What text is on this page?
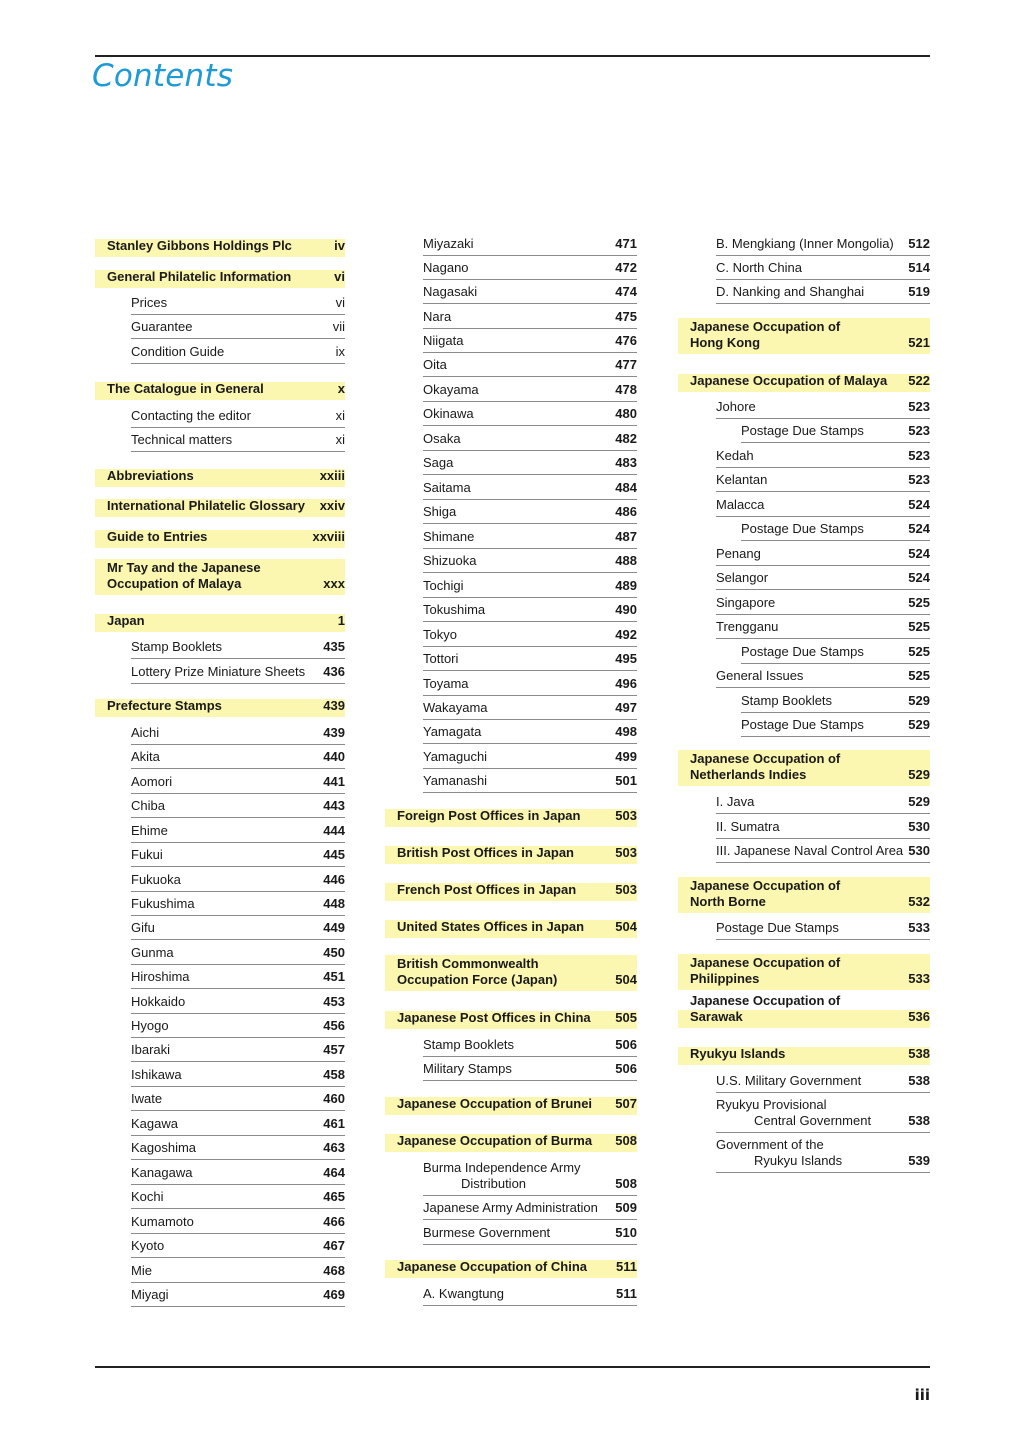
Contents
Stanley Gibbons Holdings Plc	iv
General Philatelic Information	vi
Prices	vi
Guarantee	vii
Condition Guide	ix
The Catalogue in General	x
Contacting the editor	xi
Technical matters	xi
Abbreviations	xxiii
International Philatelic Glossary xxiv
Guide to Entries	xxviii
Mr Tay and the Japanese
Occupation of Malaya	xxx
Japan	1
Stamp Booklets	435
Lottery Prize Miniature Sheets 436
Prefecture Stamps	439
Aichi	439
Akita	440
Aomori	441
Chiba	443
Ehime	444
Fukui	445
Fukuoka	446
Fukushima	448
Gifu	449
Gunma	450
Hiroshima	451
Hokkaido	453
Hyogo	456
Ibaraki	457
Ishikawa	458
Iwate	460
Kagawa	461
Kagoshima	463
Kanagawa	464
Kochi	465
Kumamoto	466
Kyoto	467
Mie	468
Miyagi	469
Miyazaki	471
Nagano	472
Nagasaki	474
Nara	475
Niigata	476
Oita	477
Okayama	478
Okinawa	480
Osaka	482
Saga	483
Saitama	484
Shiga	486
Shimane	487
Shizuoka	488
Tochigi	489
Tokushima	490
Tokyo	492
Tottori	495
Toyama	496
Wakayama	497
Yamagata	498
Yamaguchi	499
Yamanashi	501
Foreign Post Offices in Japan	503
British Post Offices in Japan	503
French Post Offices in Japan	503
United States Offices in Japan	504
British Commonwealth
Occupation Force (Japan)	504
Japanese Post Offices in China	505
Stamp Booklets	506
Military Stamps	506
Japanese Occupation of Brunei	507
Japanese Occupation of Burma	508
Burma Independence Army
Distribution	508
Japanese Army Administration 509
Burmese Government	510
Japanese Occupation of China	511
A. Kwangtung	511
B. Mengkiang (Inner Mongolia) 512
C. North China	514
D. Nanking and Shanghai	519
Japanese Occupation of
Hong Kong	521
Japanese Occupation of Malaya 522
Johore	523
Postage Due Stamps	523
Kedah	523
Kelantan	523
Malacca	524
Postage Due Stamps	524
Penang	524
Selangor	524
Singapore	525
Trengganu	525
Postage Due Stamps	525
General Issues	525
Stamp Booklets	529
Postage Due Stamps	529
Japanese Occupation of
Netherlands Indies	529
I. Java	529
II. Sumatra	530
III. Japanese Naval Control Area 530
Japanese Occupation of
North Borne	532
Postage Due Stamps	533
Japanese Occupation of
Philippines	533
Japanese Occupation of Sarawak	536
Ryukyu Islands	538
U.S. Military Government	538
Ryukyu Provisional
Central Government	538
Government of the
Ryukyu Islands	539
iii
